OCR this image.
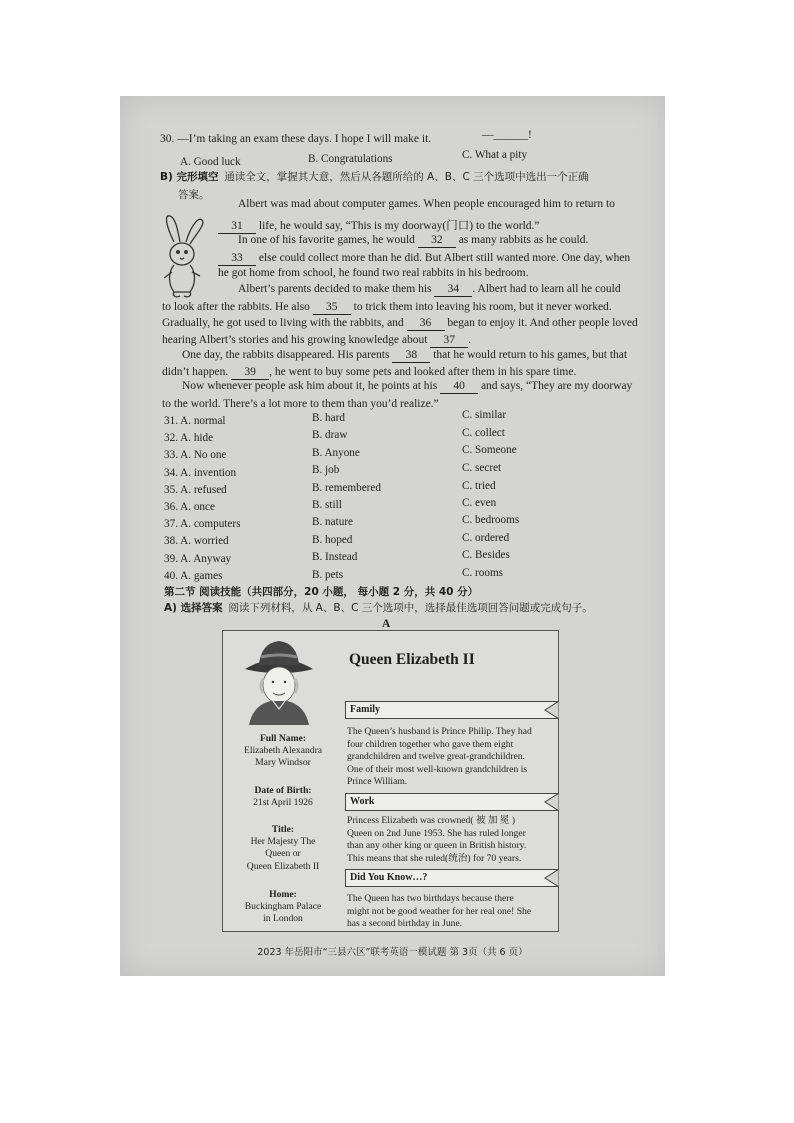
30. —I’m taking an exam these days. I hope I will make it.	—______!
A. Good luck	B. Congratulations	C. What a pity
B) 完形填空 通读全文，掌握其大意，然后从各题所给的 A、B、C 三个选项中选出一个正确
答案。
Albert was mad about computer games. When people encouraged him to return to
31 life, he would say, “This is my doorway(门口) to the world.”
In one of his favorite games, he would 32 as many rabbits as he could.
33 else could collect more than he did. But Albert still wanted more. One day, when
he got home from school, he found two real rabbits in his bedroom.
Albert’s parents decided to make them his 34 . Albert had to learn all he could
to look after the rabbits. He also 35 to trick them into leaving his room, but it never worked.
Gradually, he got used to living with the rabbits, and 36 began to enjoy it. And other people loved
hearing Albert’s stories and his growing knowledge about 37 .
One day, the rabbits disappeared. His parents 38 that he would return to his games, but that
didn’t happen. 39 , he went to buy some pets and looked after them in his spare time.
Now whenever people ask him about it, he points at his 40 and says, “They are my doorway
to the world. There’s a lot more to them than you’d realize.”
31. A. normal	B. hard	C. similar
32. A. hide	B. draw	C. collect
33. A. No one	B. Anyone	C. Someone
34. A. invention	B. job	C. secret
35. A. refused	B. remembered	C. tried
36. A. once	B. still	C. even
37. A. computers	B. nature	C. bedrooms
38. A. worried	B. hoped	C. ordered
39. A. Anyway	B. Instead	C. Besides
40. A. games	B. pets	C. rooms
第二节 阅读技能（共四部分，20 小题， 每小题 2 分，共 40 分）
A) 选择答案 阅读下列材料，从 A、B、C 三个选项中，选择最佳选项回答问题或完成句子。
A
Queen Elizabeth II
Full Name:
Elizabeth Alexandra
Mary Windsor
Date of Birth:
21st April 1926
Title:
Her Majesty The
Queen or
Queen Elizabeth II
Home:
Buckingham Palace
in London
Family
The Queen’s husband is Prince Philip. They had
four children together who gave them eight
grandchildren and twelve great-grandchildren.
One of their most well-known grandchildren is
Prince William.
Work
Princess Elizabeth was crowned( 被 加 冕 )
Queen on 2nd June 1953. She has ruled longer
than any other king or queen in British history.
This means that she ruled(统治) for 70 years.
Did You Know…?
The Queen has two birthdays because there
might not be good weather for her real one! She
has a second birthday in June.
2023 年岳阳市“三县六区”联考英语一模试题 第 3页（共 6 页）
